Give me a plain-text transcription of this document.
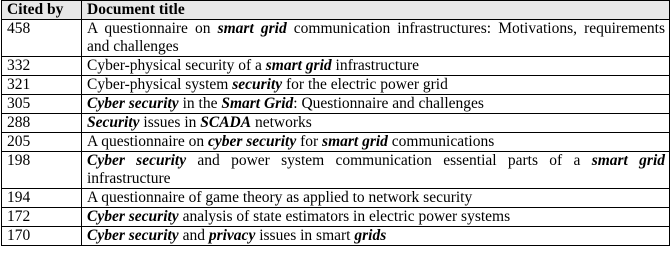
Cited by	Document title
458	A questionnaire on smart grid communication infrastructures: Motivations, requirements and challenges
332	Cyber-physical security of a smart grid infrastructure
321	Cyber-physical system security for the electric power grid
305	Cyber security in the Smart Grid: Questionnaire and challenges
288	Security issues in SCADA networks
205	A questionnaire on cyber security for smart grid communications
198	Cyber security and power system communication essential parts of a smart grid infrastructure
194	A questionnaire of game theory as applied to network security
172	Cyber security analysis of state estimators in electric power systems
170	Cyber security and privacy issues in smart grids
